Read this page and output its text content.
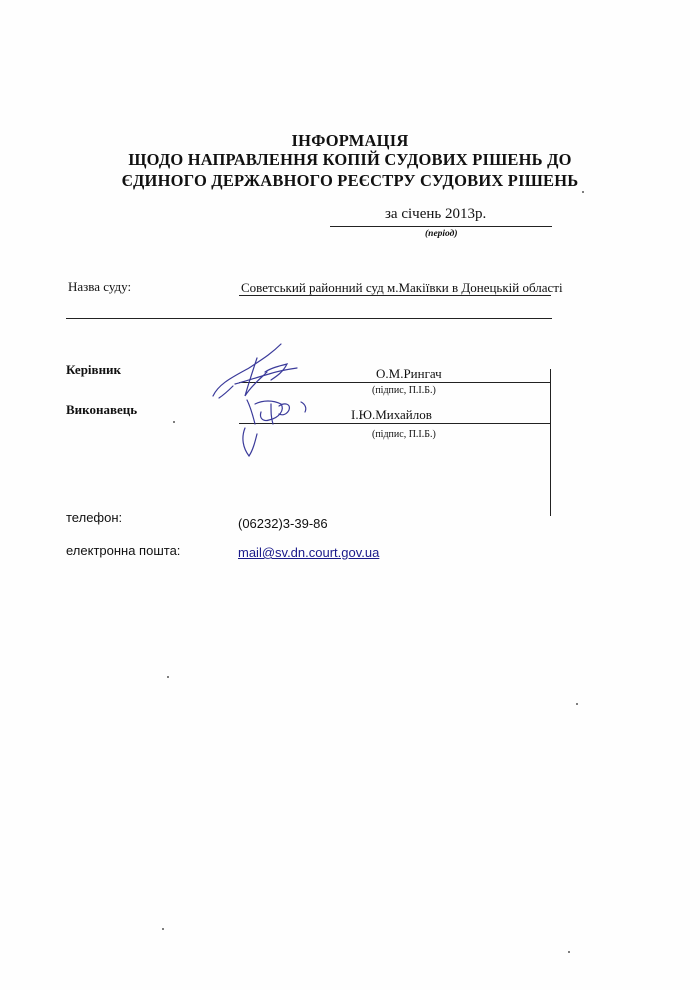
ІНФОРМАЦІЯ
ЩОДО НАПРАВЛЕННЯ КОПІЙ СУДОВИХ РІШЕНЬ ДО
ЄДИНОГО ДЕРЖАВНОГО РЕЄСТРУ СУДОВИХ РІШЕНЬ
за січень 2013р.
(період)
Назва суду:	Советський районний суд м.Макіївки в Донецькій області
Керівник	О.М.Рингач
(підпис, П.І.Б.)
Виконавець	І.Ю.Михайлов
(підпис, П.І.Б.)
телефон:	(06232)3-39-86
електронна пошта:	mail@sv.dn.court.gov.ua
